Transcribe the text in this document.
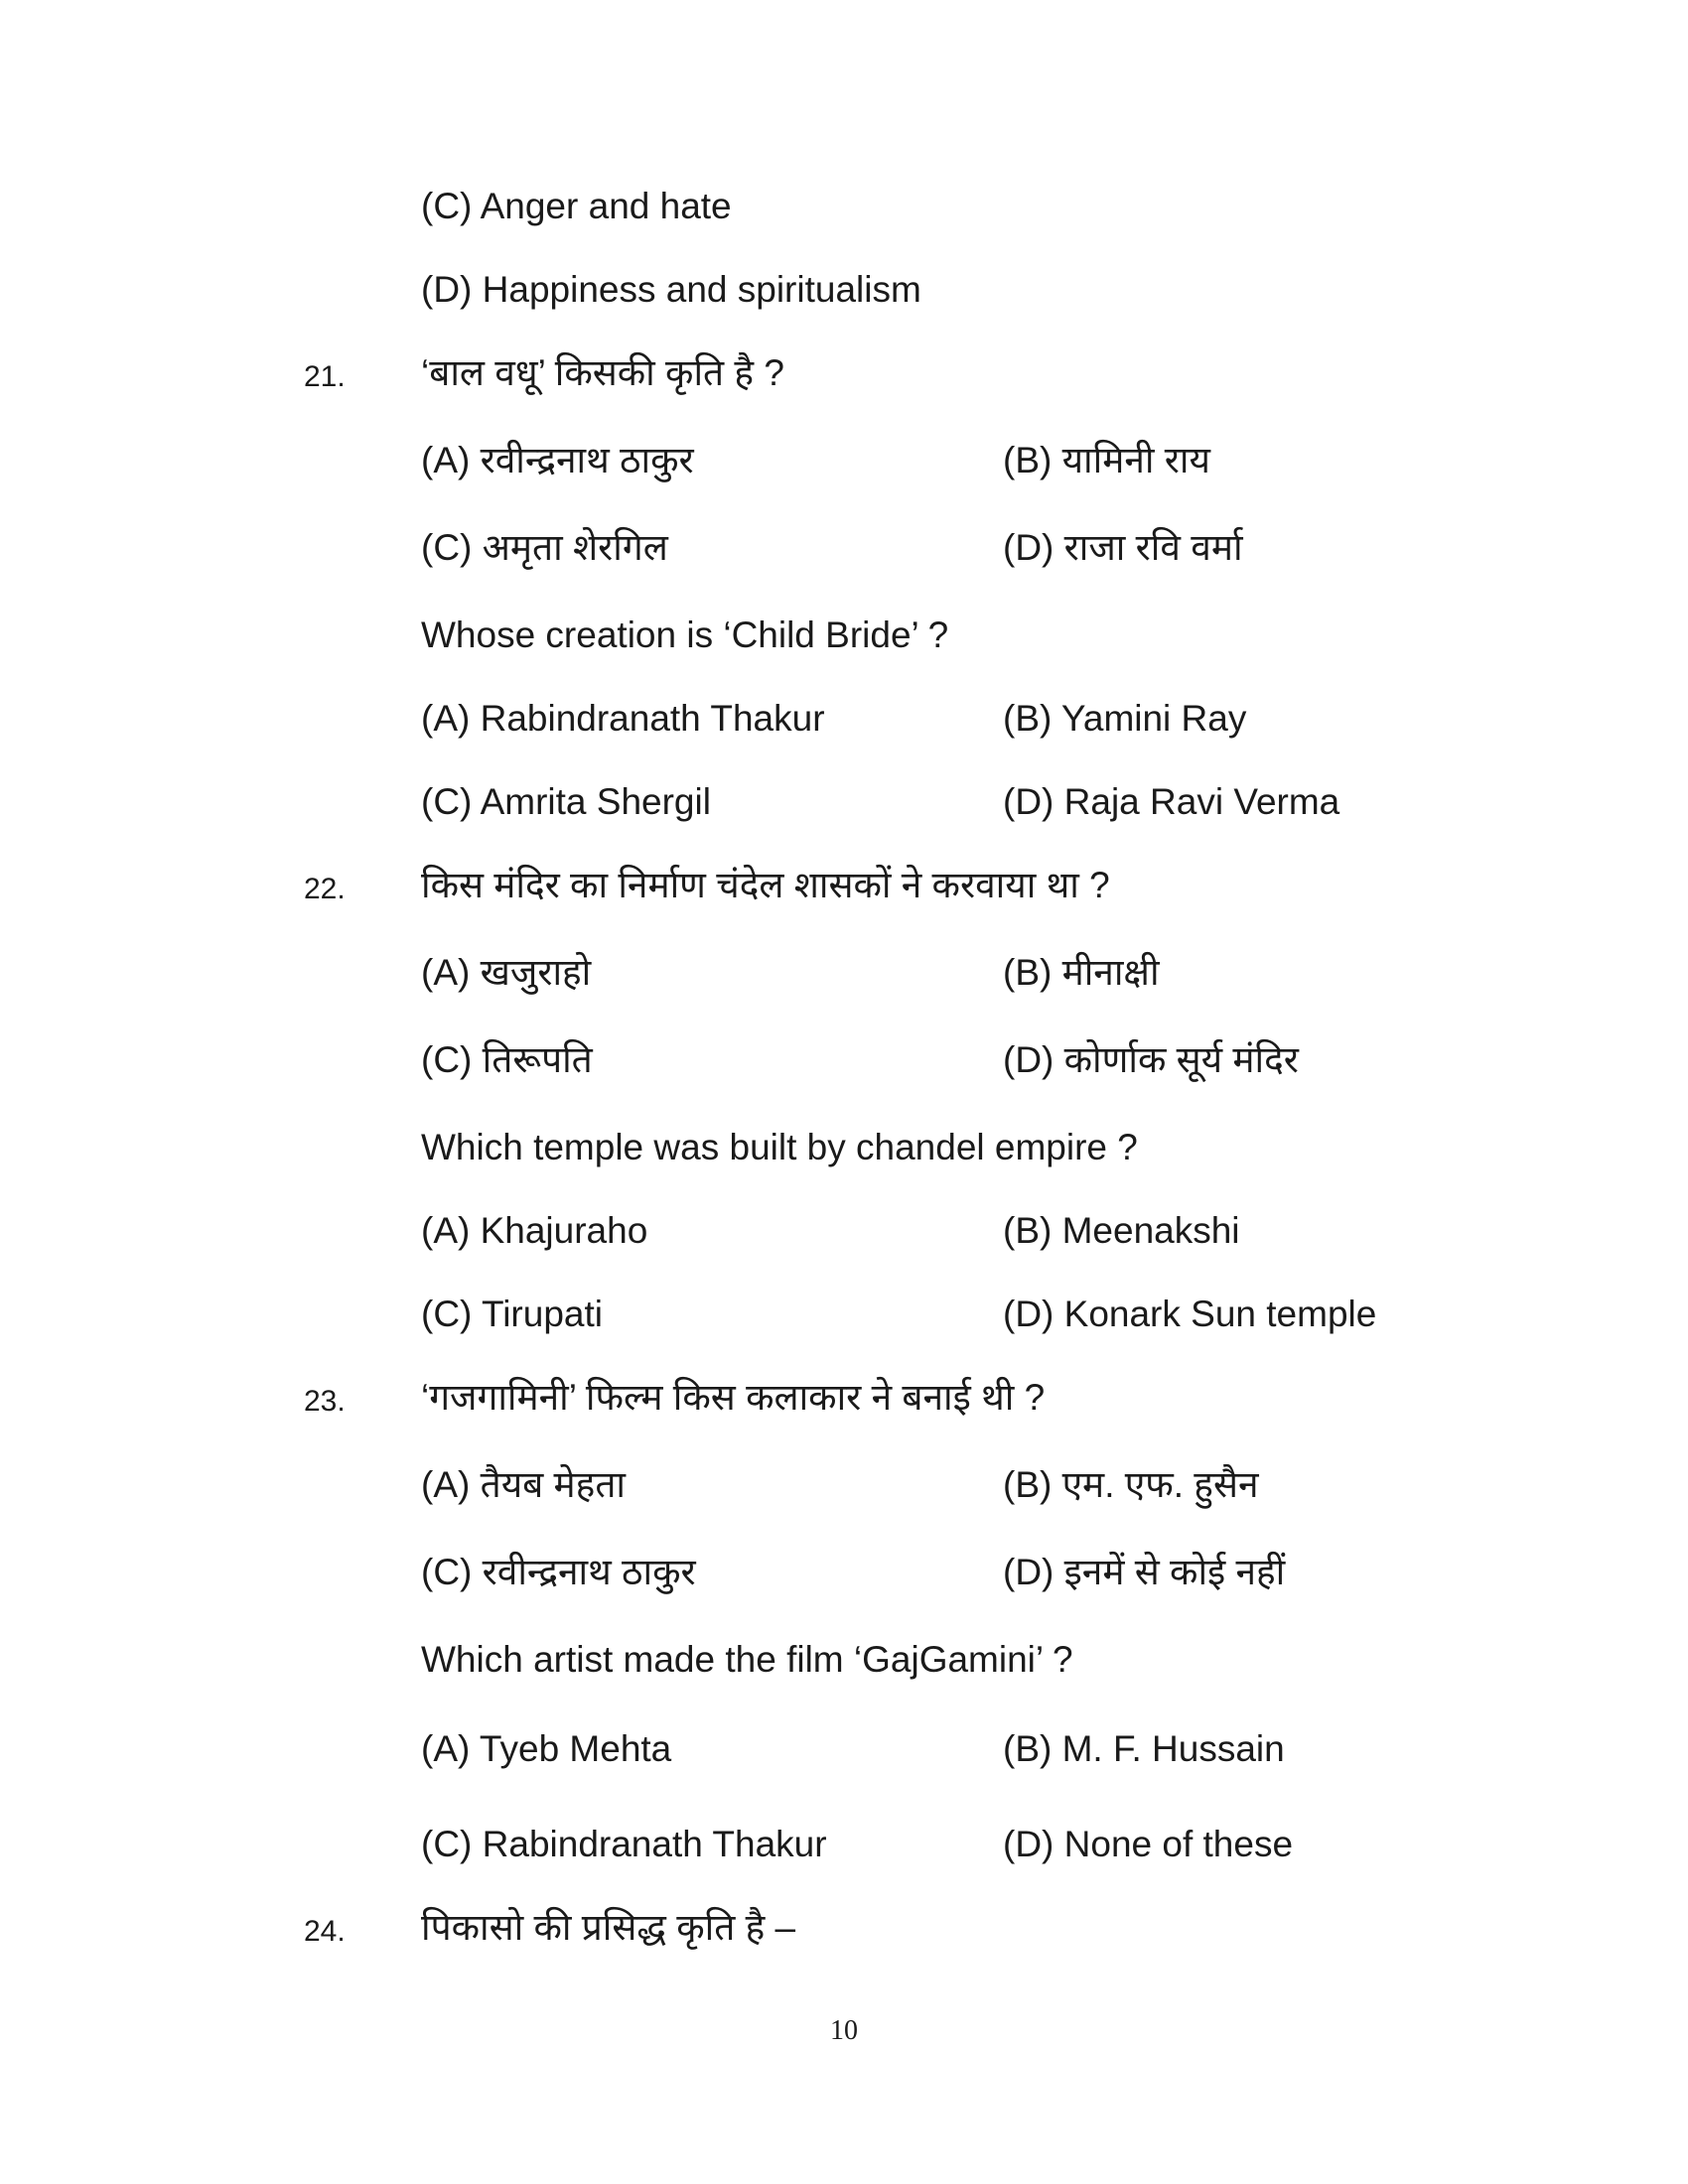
(C) Anger and hate
(D) Happiness and spiritualism
21. ‘बाल वधू’ किसकी कृति है ?
(A) रवीन्द्रनाथ ठाकुर	(B) यामिनी राय
(C) अमृता शेरगिल	(D) राजा रवि वर्मा
Whose creation is ‘Child Bride’ ?
(A) Rabindranath Thakur	(B) Yamini Ray
(C) Amrita Shergil	(D) Raja Ravi Verma
22. किस मंदिर का निर्माण चंदेल शासकों ने करवाया था ?
(A) खजुराहो	(B) मीनाक्षी
(C) तिरूपति	(D) कोर्णाक सूर्य मंदिर
Which temple was built by chandel empire ?
(A) Khajuraho	(B) Meenakshi
(C) Tirupati	(D) Konark Sun temple
23. ‘गजगामिनी’ फिल्म किस कलाकार ने बनाई थी ?
(A) तैयब मेहता	(B) एम. एफ. हुसैन
(C) रवीन्द्रनाथ ठाकुर	(D) इनमें से कोई नहीं
Which artist made the film ‘GajGamini’ ?
(A) Tyeb Mehta	(B) M. F. Hussain
(C) Rabindranath Thakur	(D) None of these
24. पिकासो की प्रसिद्ध कृति है –
10
